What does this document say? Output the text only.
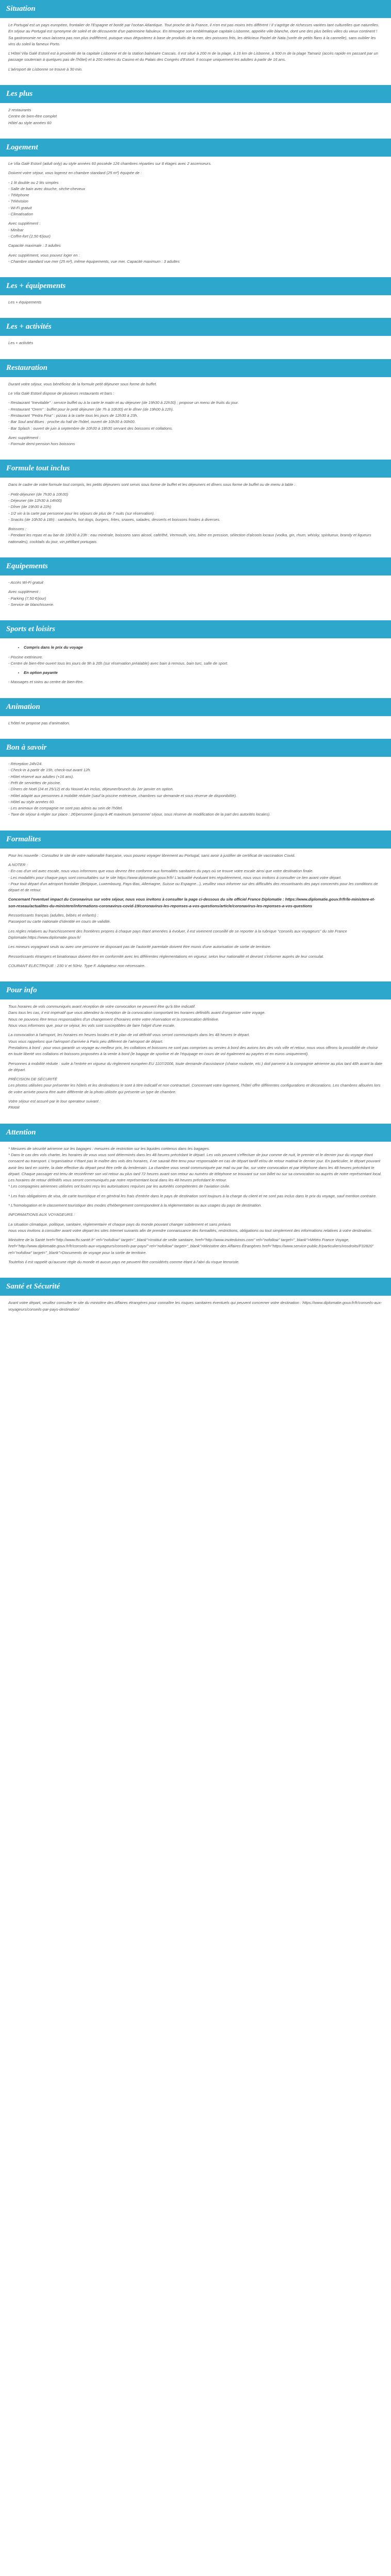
Situation

Le Portugal est un pays européen, frontalier de l'Espagne et bordé par l'océan Atlantique. Tout proche de la France, il n'en est pas moins très différent ! Il s'agrège de richesses variées tant culturelles que naturelles. En séjour au Portugal est synonyme de soleil et de découverte d'un patrimoine fabuleux. En témoigne son emblématique capitale Lisbonne, appelée ville blanche, dont une des plus belles villes du vieux continent ! Sa gastronomie ne vous laissera pas non plus indifférent, puisque vous dégusterez à base de produits de la mer, des poissons frits, les délicieux Pastel de Nata (sorte de petits flans à la cannelle), sans oublier les vins du soleil la fameux Porto.

L'Hôtel Vila Galé Estoril est à proximité de la capitale Lisbonne et de la station balnéaire Cascais. Il est situé à 200 m de la plage, à 16 km de Lisbonne, à 500 m de la plage Tamariz (accès rapide en passant par un passage souterrain à quelques pas de l'hôtel) et à 200 mètres du Casino et du Palais des Congrès d'Estoril. Il occupe uniquement les adultes à partir de 16 ans.

L'aéroport de Lisbonne se trouve à 30 min.

Les plus

2 restaurants
Centre de bien-être complet
Hôtel au style années 60

Logement

Le Vila Galé Estoril (adult only) au style années 60 possède 126 chambres réparties sur 8 étages avec 2 ascenseurs.

Doivent votre séjour, vous logerez en chambre standard (25 m²) équipée de :

- 1 lit double ou 2 lits simples
- Salle de bain avec douche, sèche-cheveux
- Téléphone
- Télévision
- Wi-Fi gratuit
- Climatisation

Avec supplément :
- Minibar
- Coffre-fort (2,50 €/jour)

Capacité maximale : 3 adultes

Avec supplément, vous pouvez loger en :
- Chambre standard vue mer (25 m²), même équipements, vue mer. Capacité maximum : 3 adultes

Les + équipements

Les + équipements

Les + activités

Les + activités

Restauration

Durant votre séjour, vous bénéficiez de la formule petit déjeuner sous forme de buffet.

Le Vila Galé Estoril dispose de plusieurs restaurants et bars :

- Restaurant "Inevitable" : service buffet ou à la carte le matin et au déjeuner (de 19h30 à 22h30) ; propose un menu de fruits du jour.
- Restaurant "Orem" : buffet pour le petit déjeuner (de 7h à 10h30) et le dîner (de 19h00 à 22h).
- Restaurant "Pedra Fina" : pizzas à la carte tous les jours de 12h30 à 23h.
- Bar Soul and Blues : proche du hall de l'hôtel, ouvert de 10h30 à 00h00.
- Bar Splash : ouvert de juin à septembre de 10h30 à 18h30 servant des boissons et collations.

Avec supplément :
- Formule demi-pension hors boissons

Formule tout inclus

Dans le cadre de votre formule tout compris, les petits déjeuners sont servis sous forme de buffet et les déjeuners et dîners sous forme de buffet ou de menu à table :

- Petit-déjeuner (de 7h30 à 10h30)
- Déjeuner (de 12h30 à 14h00)
- Dîner (de 19h30 à 22h)
- 1/2 vin à la carte par personne pour les séjours de plus de 7 nuits (sur réservation).
- Snacks (de 10h30 à 18h) : sandwichs, hot dogs, burgers, frites, snaxes, salades, desserts et boissons froides à diverses.

Boissons :
- Pendant les repas et au bar de 10h30 à 23h : eau minérale, boissons sans alcool, café/thé, Vermouth, vins, bière en pression, sélection d'alcools locaux (vodka, gin, rhum, whisky, spiritueux, brandy et liqueurs nationales), cocktails du jour, vin pétillant portugais.

Equipements

- Accès Wi-Fi gratuit

Avec supplément :
- Parking (7,50 €/jour)
- Service de blanchisserie.

Sports et loisirs
• Compris dans le prix du voyage

- Piscine extérieure.
- Centre de bien-être ouvert tous les jours de 9h à 20h (sur réservation préalable) avec bain à remous, bain turc, salle de sport.

• En option payante

- Massages et soins au centre de bien-être.

Animation

L'hôtel ne propose pas d'animation.

Bon à savoir

- Réception 24h/24.
- Check-in à partir de 15h, check-out avant 12h.
- Hôtel réservé aux adultes (+16 ans).
- Prêt de serviettes de piscine.
- Dîners de Noël (24 et 25/12) et du Nouvel An inclus, déjeuner/brunch du 1er janvier en option.
- Hôtel adapté aux personnes à mobilité réduite (sauf la piscine extérieure, chambres sur demande et sous réserve de disponibilité).
- Hôtel au style années 60.
- Les animaux de compagnie ne sont pas admis au sein de l'hôtel.
- Taxe de séjour à régler sur place : 2€/personne (jusqu'à 4€ maximum /personne/ séjour, sous réserve de modification de la part des autorités locales).

Formalites

Pour les nouvelle : Consultez le site de votre nationalité française, vous pouvez voyager librement au Portugal, sans avoir à justifier de certificat de vaccination Covid.

A NOTER :
- En cas d'un vol avec escale, nous vous informons que vous devrez être conforme aux formalités sanitaires du pays où se trouve votre escale ainsi que votre destination finale.
- Les modalités pour chaque pays sont consultables sur le site https://www.diplomatie.gouv.fr/fr/ L'actualité évoluant très régulièrement, nous vous invitons à consulter ce lien avant votre départ.
- Pour tout départ d'un aéroport frontalier (Belgique, Luxembourg, Pays-Bas, Allemagne, Suisse ou Espagne...), veuillez vous informer sur des difficultés des ressortisants des pays concernés pour les conditions de départ et de retour.

Concernant l'eventuel impact du Coronavirus sur votre séjour, nous vous invitons à consulter la page ci-dessous du site officiel France Diplomatie : https://www.diplomatie.gouv.fr/fr/le-ministere-et-son-reseau/actualites-du-ministere/informations-coronavirus-covid-19/coronavirus-les-reponses-a-vos-questions/article/coronavirus-les-reponses-a-vos-questions

Ressortissants français (adultes, bébés et enfants) :
Passeport ou carte nationale d'identité en cours de validité.

Les règles relatives au franchissement des frontières propres à chaque pays étant amenées à évoluer, il est vivement conseillé de se reporter à la rubrique "conseils aux voyageurs" du site France Diplomatie:https://www.diplomatie.gouv.fr/

Les mineurs voyageant seuls ou avec une personne ne disposant pas de l'autorité parentale doivent être munis d'une autorisation de sortie de territoire.

Ressortissants étrangers et binationaux doivent être en conformité avec les différentes réglementations en vigueur, selon leur nationalité et devront s'informer auprès de leur consulat.

COURANT ELECTRIQUE : 230 V et 50Hz. Type F. Adaptateur non nécessaire.

Pour info

Tous horaires de vols communiqués avant réception de votre convocation ne peuvent être qu'à titre indicatif.
Dans tous les cas, il est impératif que vous attendiez la réception de la convocation comportant les horaires définitifs avant d'organiser votre voyage.
Nous ne pouvons être tenus responsables d'un changement d'horaires entre votre réservation et la convocation définitive.
Nous vous informons que, pour ce séjour, les vols sont susceptibles de faire l'objet d'une escale.

La convocation à l'aéroport, les horaires en heures locales et le plan de vol définitif vous seront communiqués dans les 48 heures le départ.
Vous vous rappelons que l'aéroport d'arrivée à Paris peu différent de l'aéroport de départ.
Prestations à bord : pour vous garantir un voyage au meilleur prix, les collations et boissons ne sont pas comprises ou servies à bord des avions lors des vols ville et retour, nous vous offrons la possibilité de choisir en toute liberté vos collations et boissons proposées à la vente à bord (le bagage de sportive et de l'équipage en cours de vol également au payées et en euros uniquement).

Personnes à mobilité réduite : suite à l'entrée en vigueur du règlement européen EU 1107/2006, toute demande d'assistance (chaise roulante, etc.) doit parvenir à la compagnie aérienne au plus tard 48h avant la date de départ.

PRÉCISION DE SÉCURITÉ
Les photos utilisées pour présenter les hôtels et les destinations le sont à titre indicatif et non contractuel. Concernant votre logement, l'hôtel offre différentes configurations et décorations. Les chambres allouées lors de votre arrivée pourra être autre différente de la photo utilisée qui présente un type de chambre.

Votre séjour est assuré par le tour operateur suivant :
FRAM

Attention

* Mesures de sécurité aérienne sur les bagages : mesures de restriction sur les liquides contenus dans les bagages.
* Dans le cas des vols charter, les horaires de vous vous sont déterminés dans les 48 heures précédant le départ. Les vols peuvent s'effectuer de jour comme de nuit, le premier et le dernier jour du voyage étant consacré au transport. L'organisateur n'étant pas le maître des vols des horaires, il ne saurait être tenu pour responsable en cas de départ tardif et/ou de retour matinal le dernier jour. En particulier, le départ pouvant avoir lieu tard en soirée, la date effective du départ peut être celle du lendemain. La chambre vous serait communiquée par mail ou par fax, sur votre convocation et par téléphone dans les 48 heures précédant le départ. Chaque passager est tenu de reconfirmer son vol retour au plus tard 72 heures avant son retour au numéro de téléphone se trouvant sur son billet ou sur sa convocation ou auprès de notre représentant local. Les horaires de retour définitifs vous seront communiqués par notre représentant local dans les 48 heures précédant le retour.
* Les compagnies aériennes utilisées ont toutes reçu les autorisations requises par les autorités compétentes de l'aviation civile.

* Les frais obligatoires de visa, de carte touristique et en général les frais d'entrée dans le pays de destination sont toujours à la charge du client et ne sont pas inclus dans le prix du voyage, sauf mention contraire.

* L'homologation et le classement touristique des modes d'hébergement correspondent à la réglementation ou aux usages du pays de destination.

INFORMATIONS AUX VOYAGEURS :

La situation climatique, politique, sanitaire, réglementaire et chaque pays du monde pouvant changer subitement et sans préavis
nous vous invitons à consulter avant votre départ les sites Internet suivants afin de prendre connaissance des formalités, restrictions, obligations ou tout simplement des informations relatives à votre destination.

Ministère de la Santé href="http://www.ftv.santé.fr" rel="nofollow" target="_blank">Institut de veille sanitaire, href="http://www.invitedvinos.com" rel="nofollow" target="_blank">Météo France Voyage, href="http://www.diplomatie.gouv.fr/fr/conseils-aux-voyageurs/conseils-par-pays/" rel="nofollow" target="_blank">Ministère des Affaires Étrangères href="https://www.service-public.fr/particuliers/vosdroits/F32820" rel="nofollow" target="_blank">Documents de voyage pour la sortie de territoire.

Toutefois il est rappelé qu'aucune règle du monde et aucun pays ne peuvent être considérés comme étant à l'abri du risque terroriste.

Santé et Sécurité

Avant votre départ, veuillez consulter le site du ministère des Affaires étrangères pour connaître les risques sanitaires éventuels qui peuvent concerner votre destination : https://www.diplomatie.gouv.fr/fr/conseils-aux-voyageurs/conseils-par-pays-destination/
